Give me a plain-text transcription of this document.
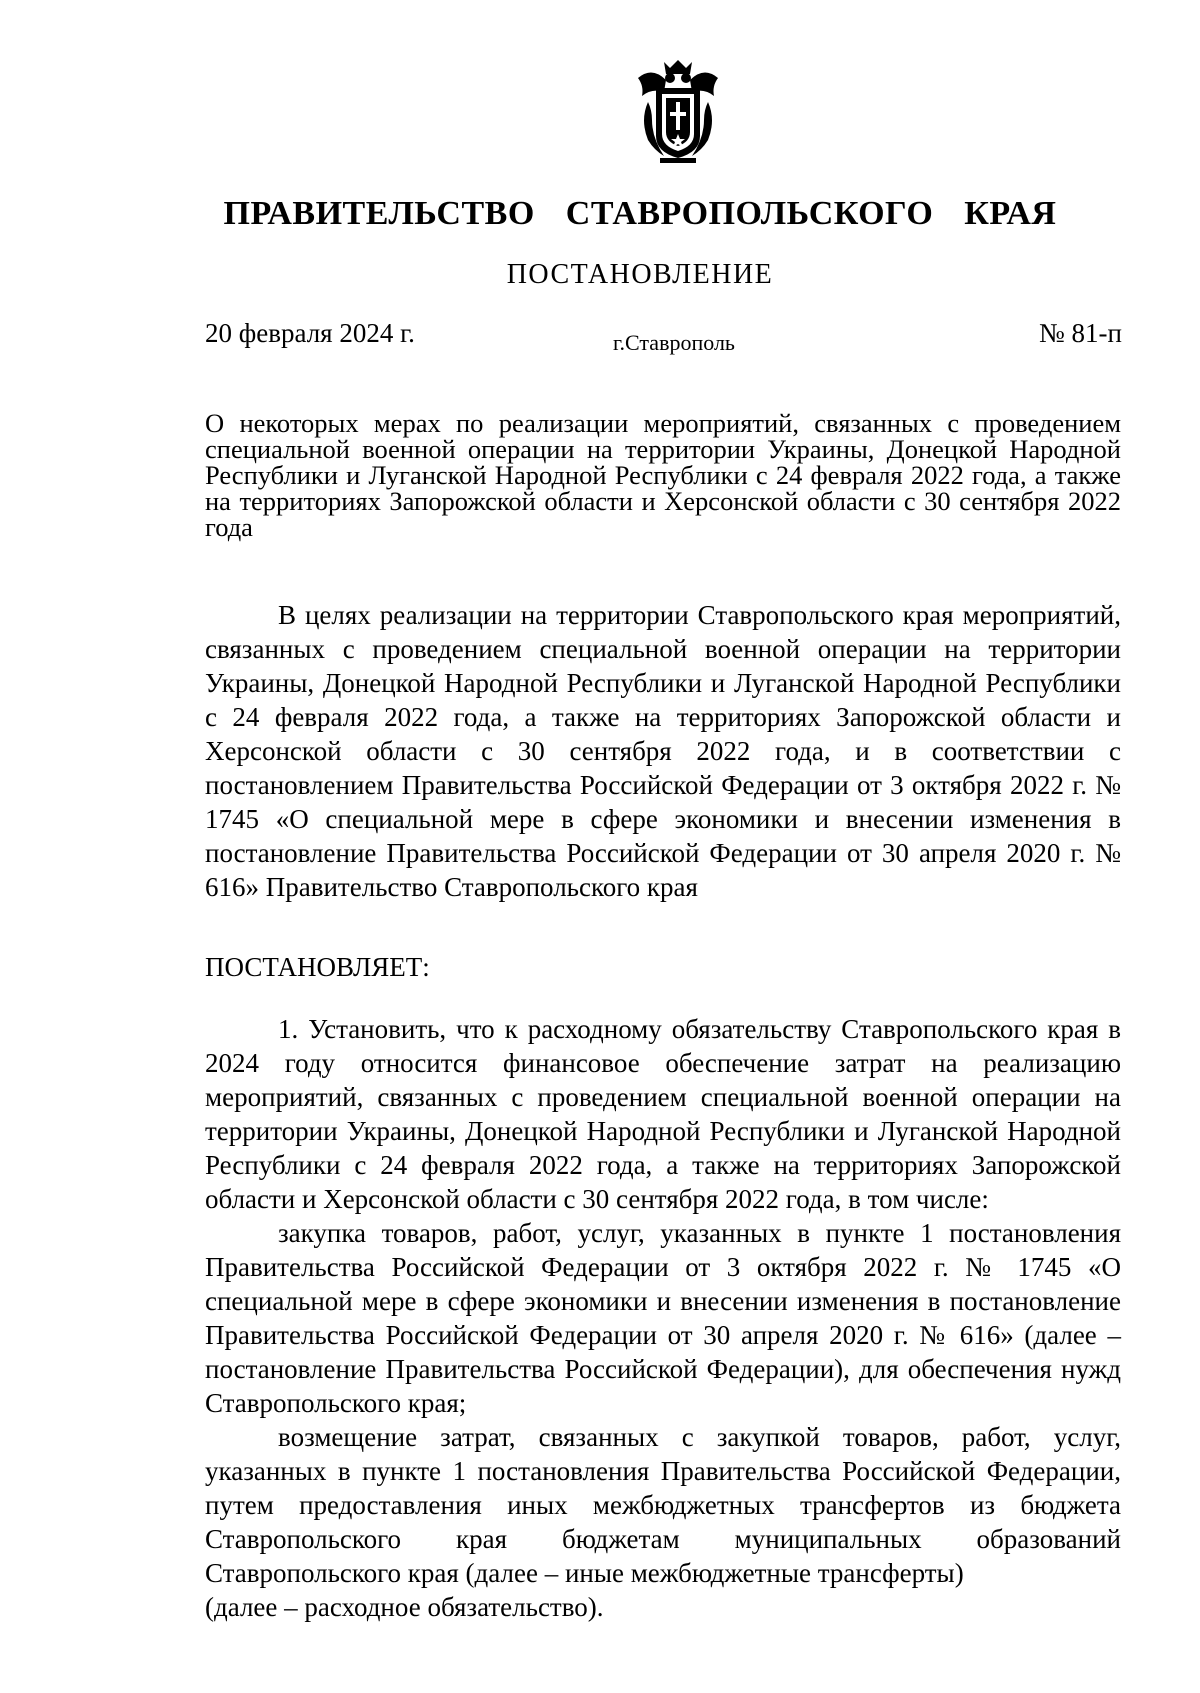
ПРАВИТЕЛЬСТВО СТАВРОПОЛЬСКОГО КРАЯ
ПОСТАНОВЛЕНИЕ
20 февраля 2024 г.	г.Ставрополь	№ 81-п
О некоторых мерах по реализации мероприятий, связанных с проведением специальной военной операции на территории Украины, Донецкой Народной Республики и Луганской Народной Республики с 24 февраля 2022 года, а также на территориях Запорожской области и Херсонской области с 30 сентября 2022 года

В целях реализации на территории Ставропольского края мероприятий, связанных с проведением специальной военной операции на территории Украины, Донецкой Народной Республики и Луганской Народной Республики с 24 февраля 2022 года, а также на территориях Запорожской области и Херсонской области с 30 сентября 2022 года, и в соответствии с постановлением Правительства Российской Федерации от 3 октября 2022 г. № 1745 «О специальной мере в сфере экономики и внесении изменения в постановление Правительства Российской Федерации от 30 апреля 2020 г. № 616» Правительство Ставропольского края

ПОСТАНОВЛЯЕТ:

1. Установить, что к расходному обязательству Ставропольского края в 2024 году относится финансовое обеспечение затрат на реализацию мероприятий, связанных с проведением специальной военной операции на территории Украины, Донецкой Народной Республики и Луганской Народной Республики с 24 февраля 2022 года, а также на территориях Запорожской области и Херсонской области с 30 сентября 2022 года, в том числе:

закупка товаров, работ, услуг, указанных в пункте 1 постановления Правительства Российской Федерации от 3 октября 2022 г. № 1745 «О специальной мере в сфере экономики и внесении изменения в постановление Правительства Российской Федерации от 30 апреля 2020 г. № 616» (далее – постановление Правительства Российской Федерации), для обеспечения нужд Ставропольского края;

возмещение затрат, связанных с закупкой товаров, работ, услуг, указанных в пункте 1 постановления Правительства Российской Федерации, путем предоставления иных межбюджетных трансфертов из бюджета Ставропольского края бюджетам муниципальных образований Ставропольского края (далее – иные межбюджетные трансферты)

(далее – расходное обязательство).
